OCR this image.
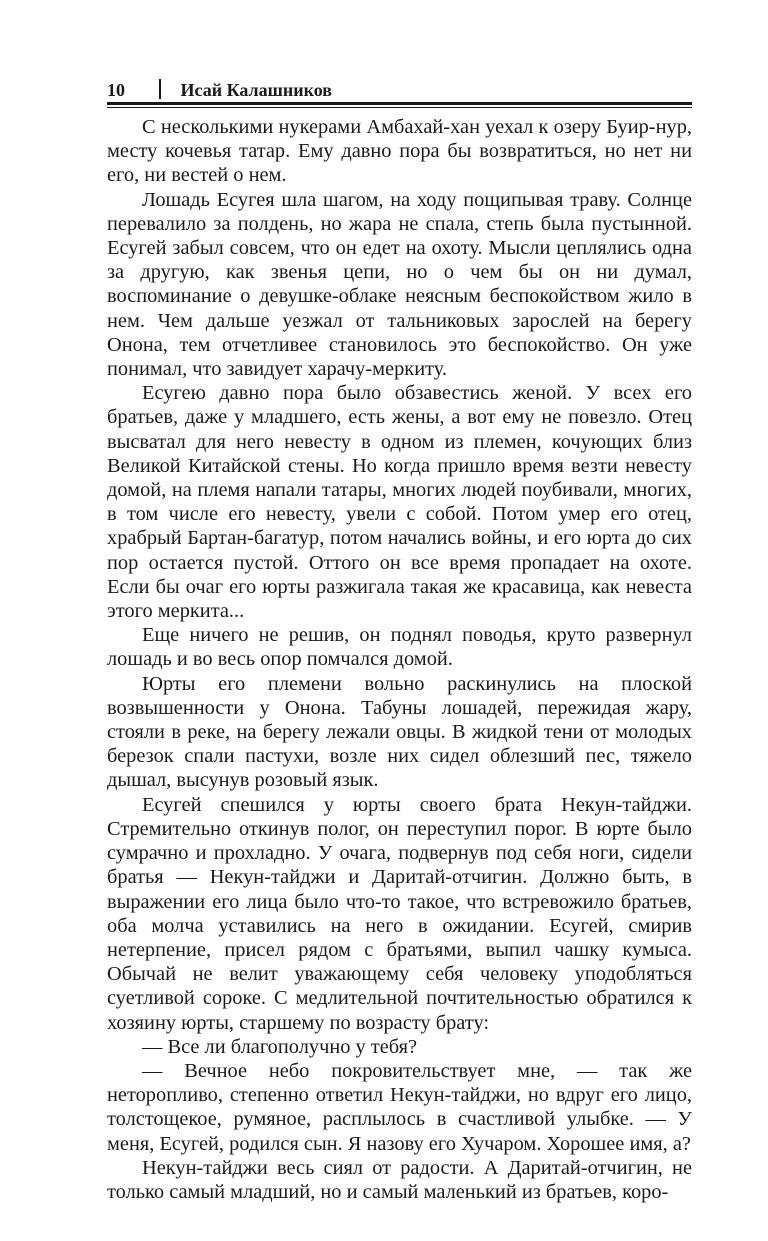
10	Исай Калашников

С несколькими нукерами Амбахай-хан уехал к озеру Буир-нур, месту кочевья татар. Ему давно пора бы возвратиться, но нет ни его, ни вестей о нем.

Лошадь Есугея шла шагом, на ходу пощипывая траву. Солнце перевалило за полдень, но жара не спала, степь была пустынной. Есугей забыл совсем, что он едет на охоту. Мысли цеплялись одна за другую, как звенья цепи, но о чем бы он ни думал, воспоминание о девушке-облаке неясным беспокойством жило в нем. Чем дальше уезжал от тальниковых зарослей на берегу Онона, тем отчетливее становилось это беспокойство. Он уже понимал, что завидует харачу-меркиту.

Есугею давно пора было обзавестись женой. У всех его братьев, даже у младшего, есть жены, а вот ему не повезло. Отец высватал для него невесту в одном из племен, кочующих близ Великой Китайской стены. Но когда пришло время везти невесту домой, на племя напали татары, многих людей поубивали, многих, в том числе его невесту, увели с собой. Потом умер его отец, храбрый Бартан-багатур, потом начались войны, и его юрта до сих пор остается пустой. Оттого он все время пропадает на охоте. Если бы очаг его юрты разжигала такая же красавица, как невеста этого меркита...

Еще ничего не решив, он поднял поводья, круто развернул лошадь и во весь опор помчался домой.

Юрты его племени вольно раскинулись на плоской возвышенности у Онона. Табуны лошадей, пережидая жару, стояли в реке, на берегу лежали овцы. В жидкой тени от молодых березок спали пастухи, возле них сидел облезший пес, тяжело дышал, высунув розовый язык.

Есугей спешился у юрты своего брата Некун-тайджи. Стремительно откинув полог, он переступил порог. В юрте было сумрачно и прохладно. У очага, подвернув под себя ноги, сидели братья — Некун-тайджи и Даритай-отчигин. Должно быть, в выражении его лица было что-то такое, что встревожило братьев, оба молча уставились на него в ожидании. Есугей, смирив нетерпение, присел рядом с братьями, выпил чашку кумыса. Обычай не велит уважающему себя человеку уподобляться суетливой сороке. С медлительной почтительностью обратился к хозяину юрты, старшему по возрасту брату:

— Все ли благополучно у тебя?

— Вечное небо покровительствует мне, — так же неторопливо, степенно ответил Некун-тайджи, но вдруг его лицо, толстощекое, румяное, расплылось в счастливой улыбке. — У меня, Есугей, родился сын. Я назову его Хучаром. Хорошее имя, а?

Некун-тайджи весь сиял от радости. А Даритай-отчигин, не только самый младший, но и самый маленький из братьев, коро-
